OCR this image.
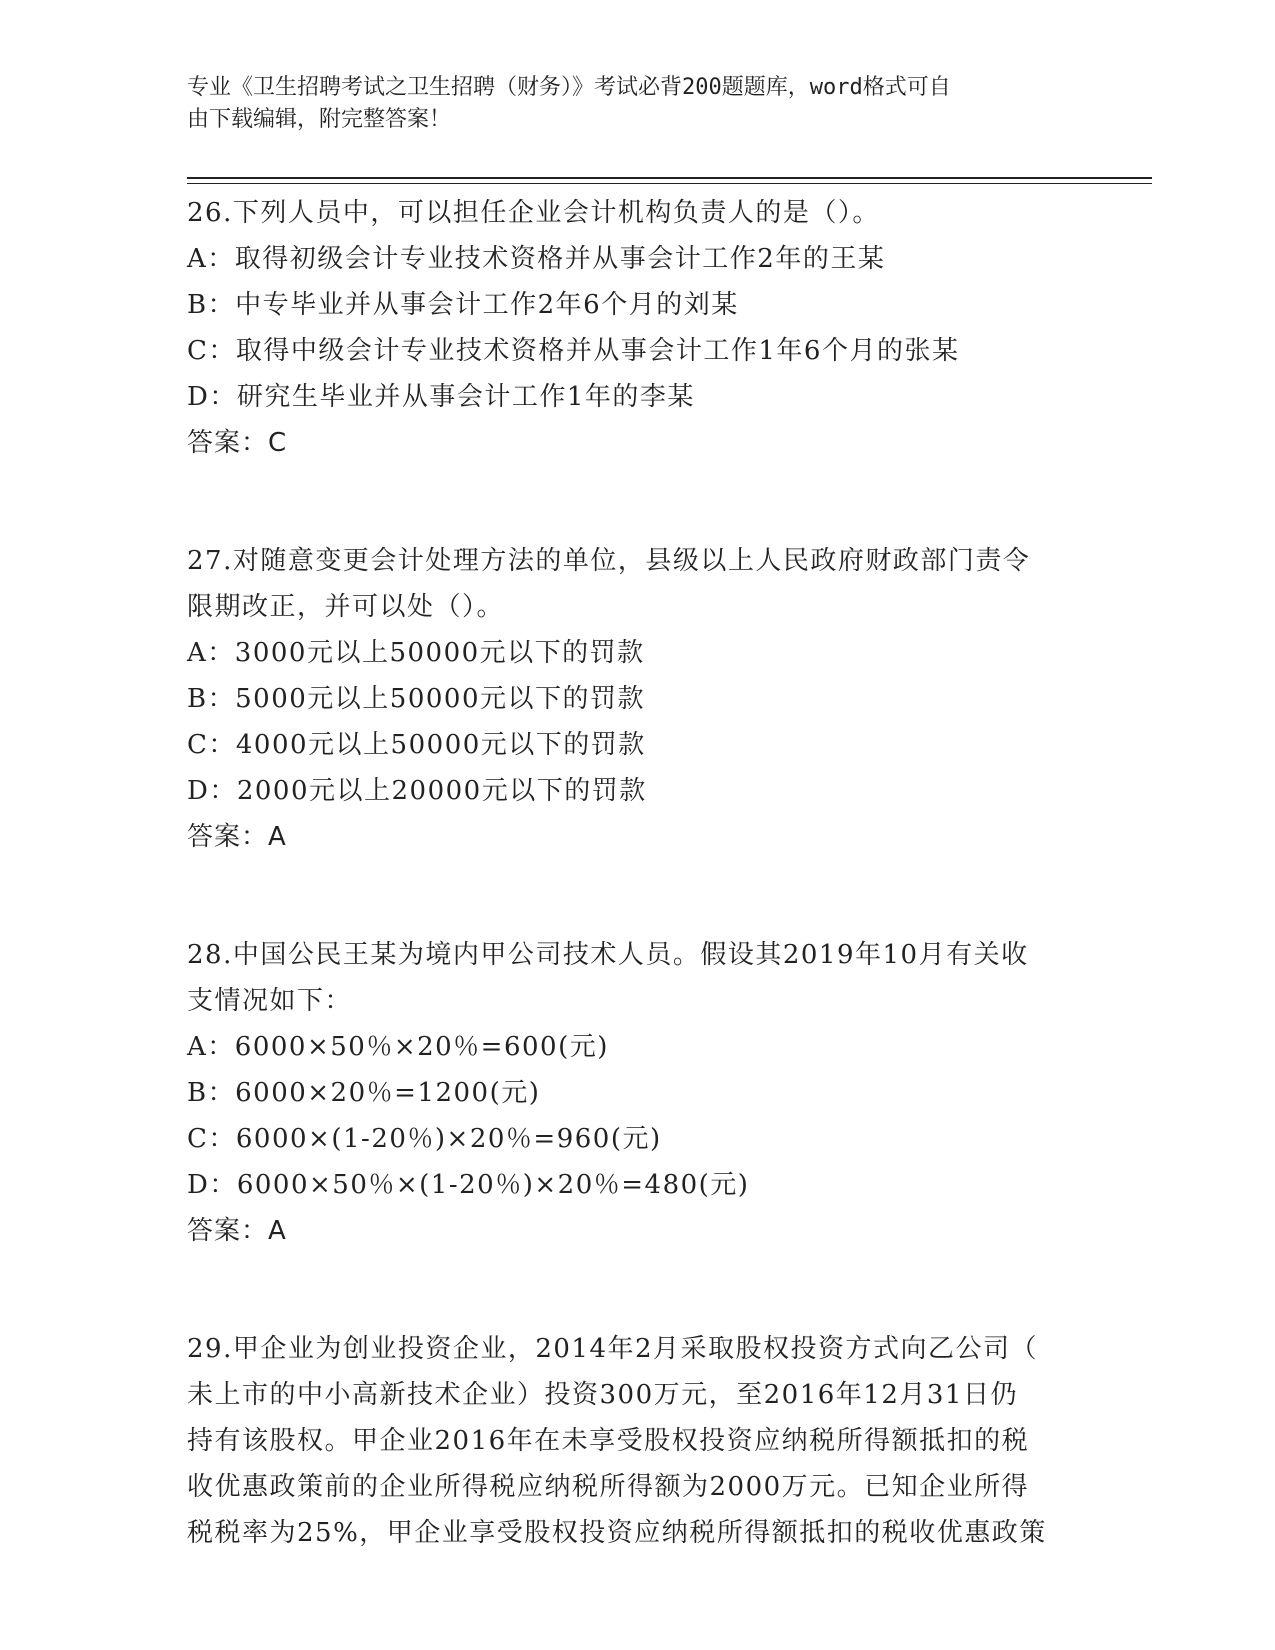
专业《卫生招聘考试之卫生招聘（财务）》考试必背200题题库，word格式可自
由下载编辑，附完整答案！
26.下列人员中，可以担任企业会计机构负责人的是（）。
A：取得初级会计专业技术资格并从事会计工作2年的王某
B：中专毕业并从事会计工作2年6个月的刘某
C：取得中级会计专业技术资格并从事会计工作1年6个月的张某
D：研究生毕业并从事会计工作1年的李某
答案：C
27.对随意变更会计处理方法的单位，县级以上人民政府财政部门责令
限期改正，并可以处（）。
A：3000元以上50000元以下的罚款
B：5000元以上50000元以下的罚款
C：4000元以上50000元以下的罚款
D：2000元以上20000元以下的罚款
答案：A
28.中国公民王某为境内甲公司技术人员。假设其2019年10月有关收
支情况如下：
A：6000×50％×20％=600(元)
B：6000×20％=1200(元)
C：6000×(1-20％)×20％=960(元)
D：6000×50％×(1-20％)×20％=480(元)
答案：A
29.甲企业为创业投资企业，2014年2月采取股权投资方式向乙公司（
未上市的中小高新技术企业）投资300万元，至2016年12月31日仍
持有该股权。甲企业2016年在未享受股权投资应纳税所得额抵扣的税
收优惠政策前的企业所得税应纳税所得额为2000万元。已知企业所得
税税率为25%，甲企业享受股权投资应纳税所得额抵扣的税收优惠政策
